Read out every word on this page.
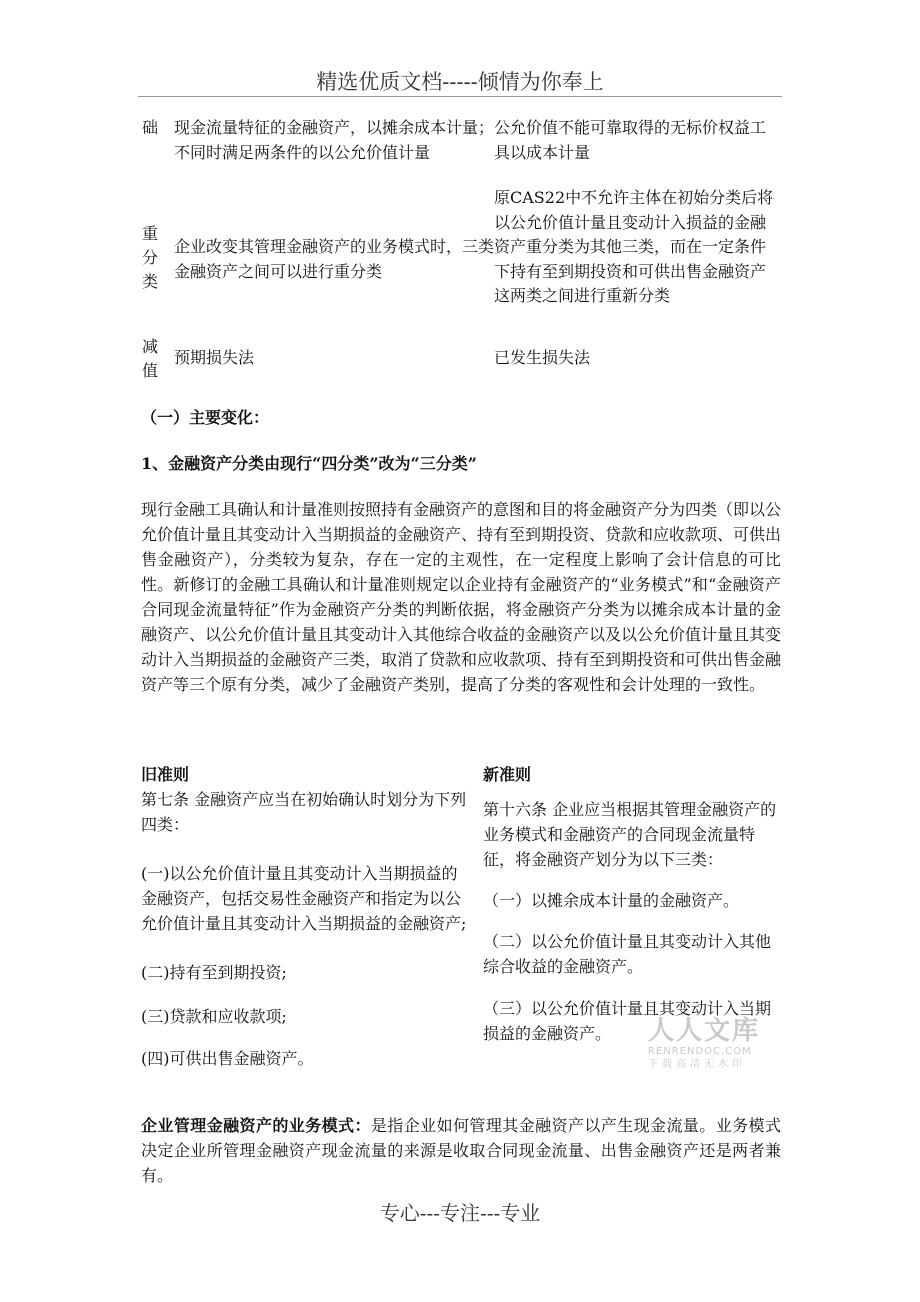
精选优质文档-----倾情为你奉上
础 现金流量特征的金融资产，以摊余成本计量；不同时满足两条件的以公允价值计量
公允价值不能可靠取得的无标价权益工具以成本计量
重分类
企业改变其管理金融资产的业务模式时，三类金融资产之间可以进行重分类
原CAS22中不允许主体在初始分类后将以公允价值计量且变动计入损益的金融资产重分类为其他三类，而在一定条件下持有至到期投资和可供出售金融资产这两类之间进行重新分类
减值
预期损失法	已发生损失法
（一）主要变化：
1、金融资产分类由现行“四分类”改为“三分类”
现行金融工具确认和计量准则按照持有金融资产的意图和目的将金融资产分为四类（即以公允价值计量且其变动计入当期损益的金融资产、持有至到期投资、贷款和应收款项、可供出售金融资产），分类较为复杂，存在一定的主观性，在一定程度上影响了会计信息的可比性。新修订的金融工具确认和计量准则规定以企业持有金融资产的“业务模式”和“金融资产合同现金流量特征”作为金融资产分类的判断依据，将金融资产分类为以摊余成本计量的金融资产、以公允价值计量且其变动计入其他综合收益的金融资产以及以公允价值计量且其变动计入当期损益的金融资产三类，取消了贷款和应收款项、持有至到期投资和可供出售金融资产等三个原有分类，减少了金融资产类别，提高了分类的客观性和会计处理的一致性。
旧准则

第七条 金融资产应当在初始确认时划分为下列四类：

(一)以公允价值计量且其变动计入当期损益的金融资产，包括交易性金融资产和指定为以公允价值计量且其变动计入当期损益的金融资产;

(二)持有至到期投资;

(三)贷款和应收款项;

(四)可供出售金融资产。

新准则

第十六条 企业应当根据其管理金融资产的业务模式和金融资产的合同现金流量特征，将金融资产划分为以下三类：

（一）以摊余成本计量的金融资产。

（二）以公允价值计量且其变动计入其他综合收益的金融资产。

（三）以公允价值计量且其变动计入当期损益的金融资产。	人人文库
RENRENDOC.COM
下载高清无水印
企业管理金融资产的业务模式：是指企业如何管理其金融资产以产生现金流量。业务模式决定企业所管理金融资产现金流量的来源是收取合同现金流量、出售金融资产还是两者兼有。
专心---专注---专业
